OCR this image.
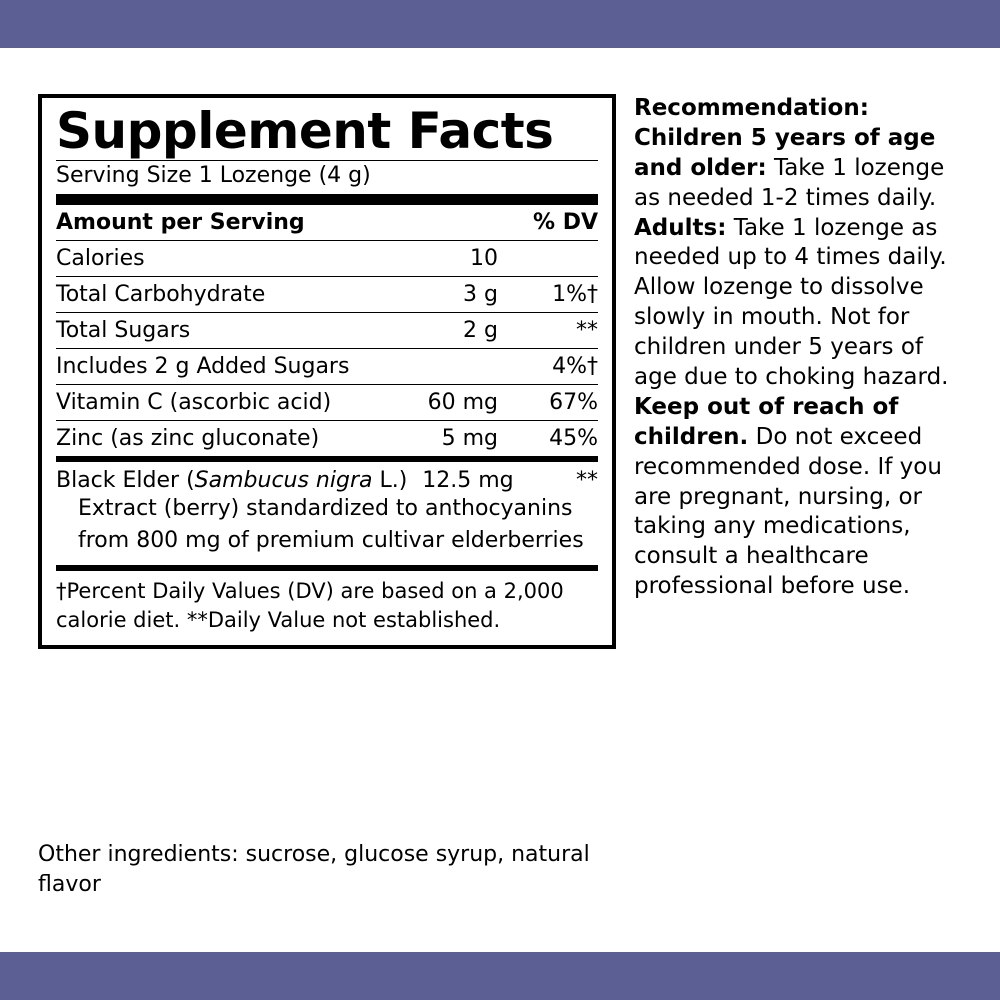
Supplement Facts
Serving Size 1 Lozenge (4 g)
Amount per Serving		% DV
Calories	10	
Total Carbohydrate	3 g	1%†
Total Sugars	2 g	**
Includes 2 g Added Sugars		4%†
Vitamin C (ascorbic acid)	60 mg	67%
Zinc (as zinc gluconate)	5 mg	45%
Black Elder (Sambucus nigra L.) 12.5 mg	**
Extract (berry) standardized to anthocyanins from 800 mg of premium cultivar elderberries
†Percent Daily Values (DV) are based on a 2,000 calorie diet. **Daily Value not established.
Other ingredients: sucrose, glucose syrup, natural flavor
Recommendation: Children 5 years of age and older: Take 1 lozenge as needed 1-2 times daily. Adults: Take 1 lozenge as needed up to 4 times daily. Allow lozenge to dissolve slowly in mouth. Not for children under 5 years of age due to choking hazard. Keep out of reach of children. Do not exceed recommended dose. If you are pregnant, nursing, or taking any medications, consult a healthcare professional before use.
